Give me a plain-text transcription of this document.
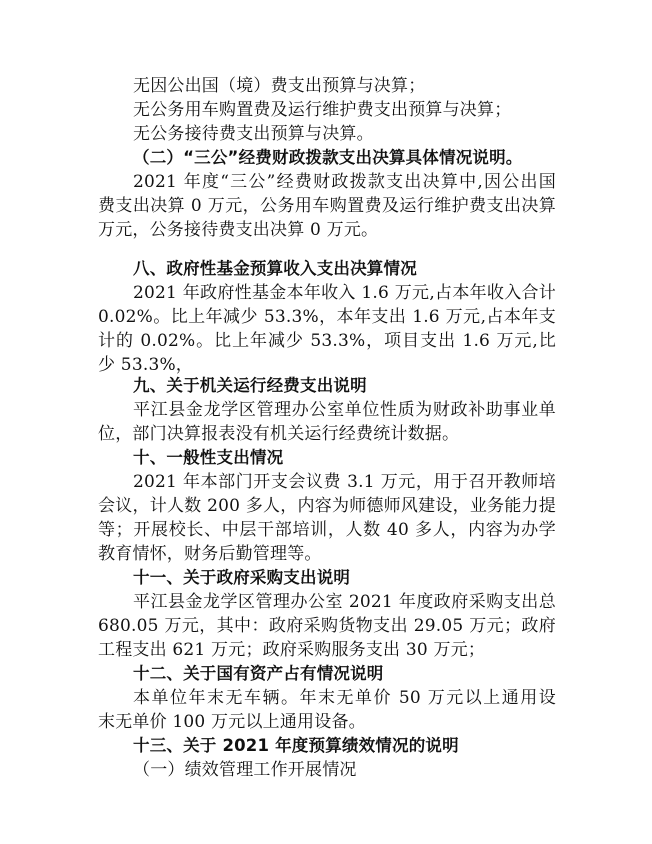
无因公出国（境）费支出预算与决算；
无公务用车购置费及运行维护费支出预算与决算；
无公务接待费支出预算与决算。
（二）“三公”经费财政拨款支出决算具体情况说明。
2021 年度“三公”经费财政拨款支出决算中,因公出国
费支出决算 0 万元，公务用车购置费及运行维护费支出决算
万元，公务接待费支出决算 0 万元。
八、政府性基金预算收入支出决算情况
2021 年政府性基金本年收入 1.6 万元,占本年收入合计
0.02%。比上年减少 53.3%，本年支出 1.6 万元,占本年支
计的 0.02%。比上年减少 53.3%，项目支出 1.6 万元,比
少 53.3%，
九、关于机关运行经费支出说明
平江县金龙学区管理办公室单位性质为财政补助事业单
位，部门决算报表没有机关运行经费统计数据。
十、一般性支出情况
2021 年本部门开支会议费 3.1 万元，用于召开教师培
会议，计人数 200 多人，内容为师德师风建设，业务能力提
等；开展校长、中层干部培训，人数 40 多人，内容为办学
教育情怀，财务后勤管理等。
十一、关于政府采购支出说明
平江县金龙学区管理办公室 2021 年度政府采购支出总
680.05 万元，其中：政府采购货物支出 29.05 万元；政府
工程支出 621 万元；政府采购服务支出 30 万元；
十二、关于国有资产占有情况说明
本单位年末无车辆。年末无单价 50 万元以上通用设
末无单价 100 万元以上通用设备。
十三、关于 2021 年度预算绩效情况的说明
（一）绩效管理工作开展情况
